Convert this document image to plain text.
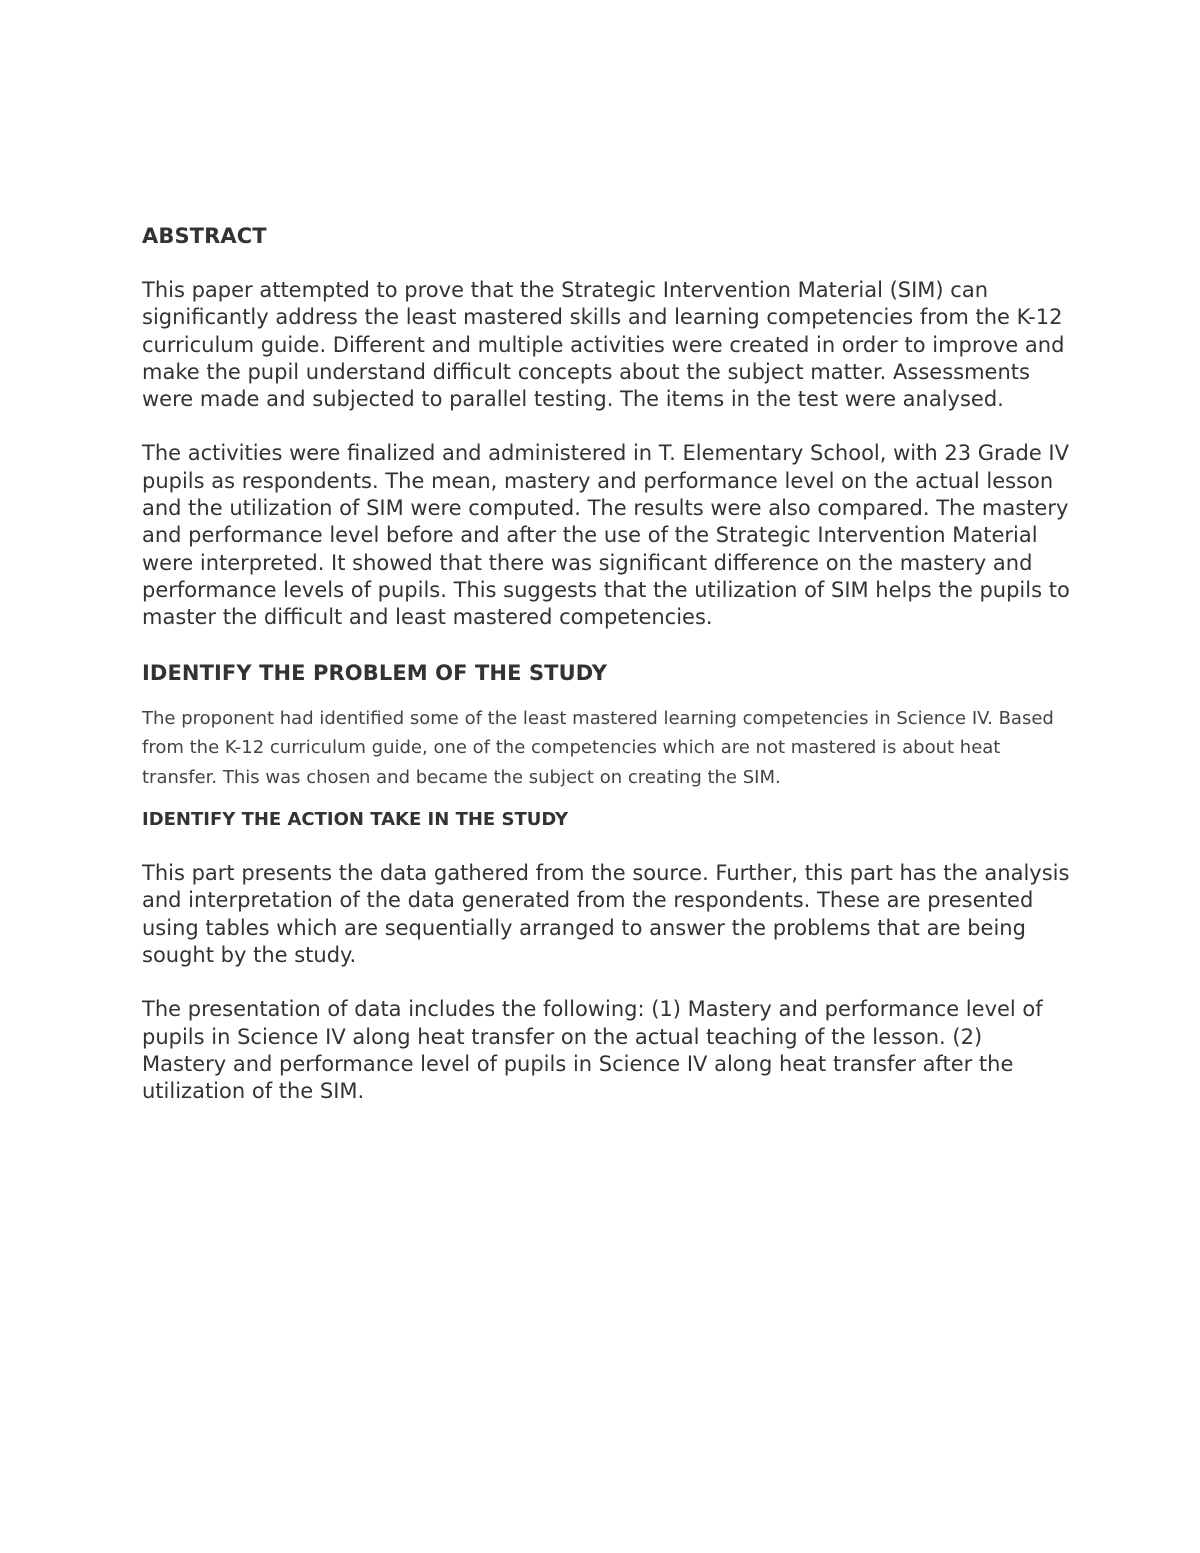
ABSTRACT

This paper attempted to prove that the Strategic Intervention Material (SIM) can significantly address the least mastered skills and learning competencies from the K-12 curriculum guide. Different and multiple activities were created in order to improve and make the pupil understand difficult concepts about the subject matter. Assessments were made and subjected to parallel testing. The items in the test were analysed.

The activities were finalized and administered in T. Elementary School, with 23 Grade IV pupils as respondents. The mean, mastery and performance level on the actual lesson and the utilization of SIM were computed. The results were also compared. The mastery and performance level before and after the use of the Strategic Intervention Material were interpreted. It showed that there was significant difference on the mastery and performance levels of pupils. This suggests that the utilization of SIM helps the pupils to master the difficult and least mastered competencies.

IDENTIFY THE PROBLEM OF THE STUDY

The proponent had identified some of the least mastered learning competencies in Science IV. Based from the K-12 curriculum guide, one of the competencies which are not mastered is about heat transfer. This was chosen and became the subject on creating the SIM.

IDENTIFY THE ACTION TAKE IN THE STUDY

This part presents the data gathered from the source. Further, this part has the analysis and interpretation of the data generated from the respondents. These are presented using tables which are sequentially arranged to answer the problems that are being sought by the study.

The presentation of data includes the following: (1) Mastery and performance level of pupils in Science IV along heat transfer on the actual teaching of the lesson. (2) Mastery and performance level of pupils in Science IV along heat transfer after the utilization of the SIM.
